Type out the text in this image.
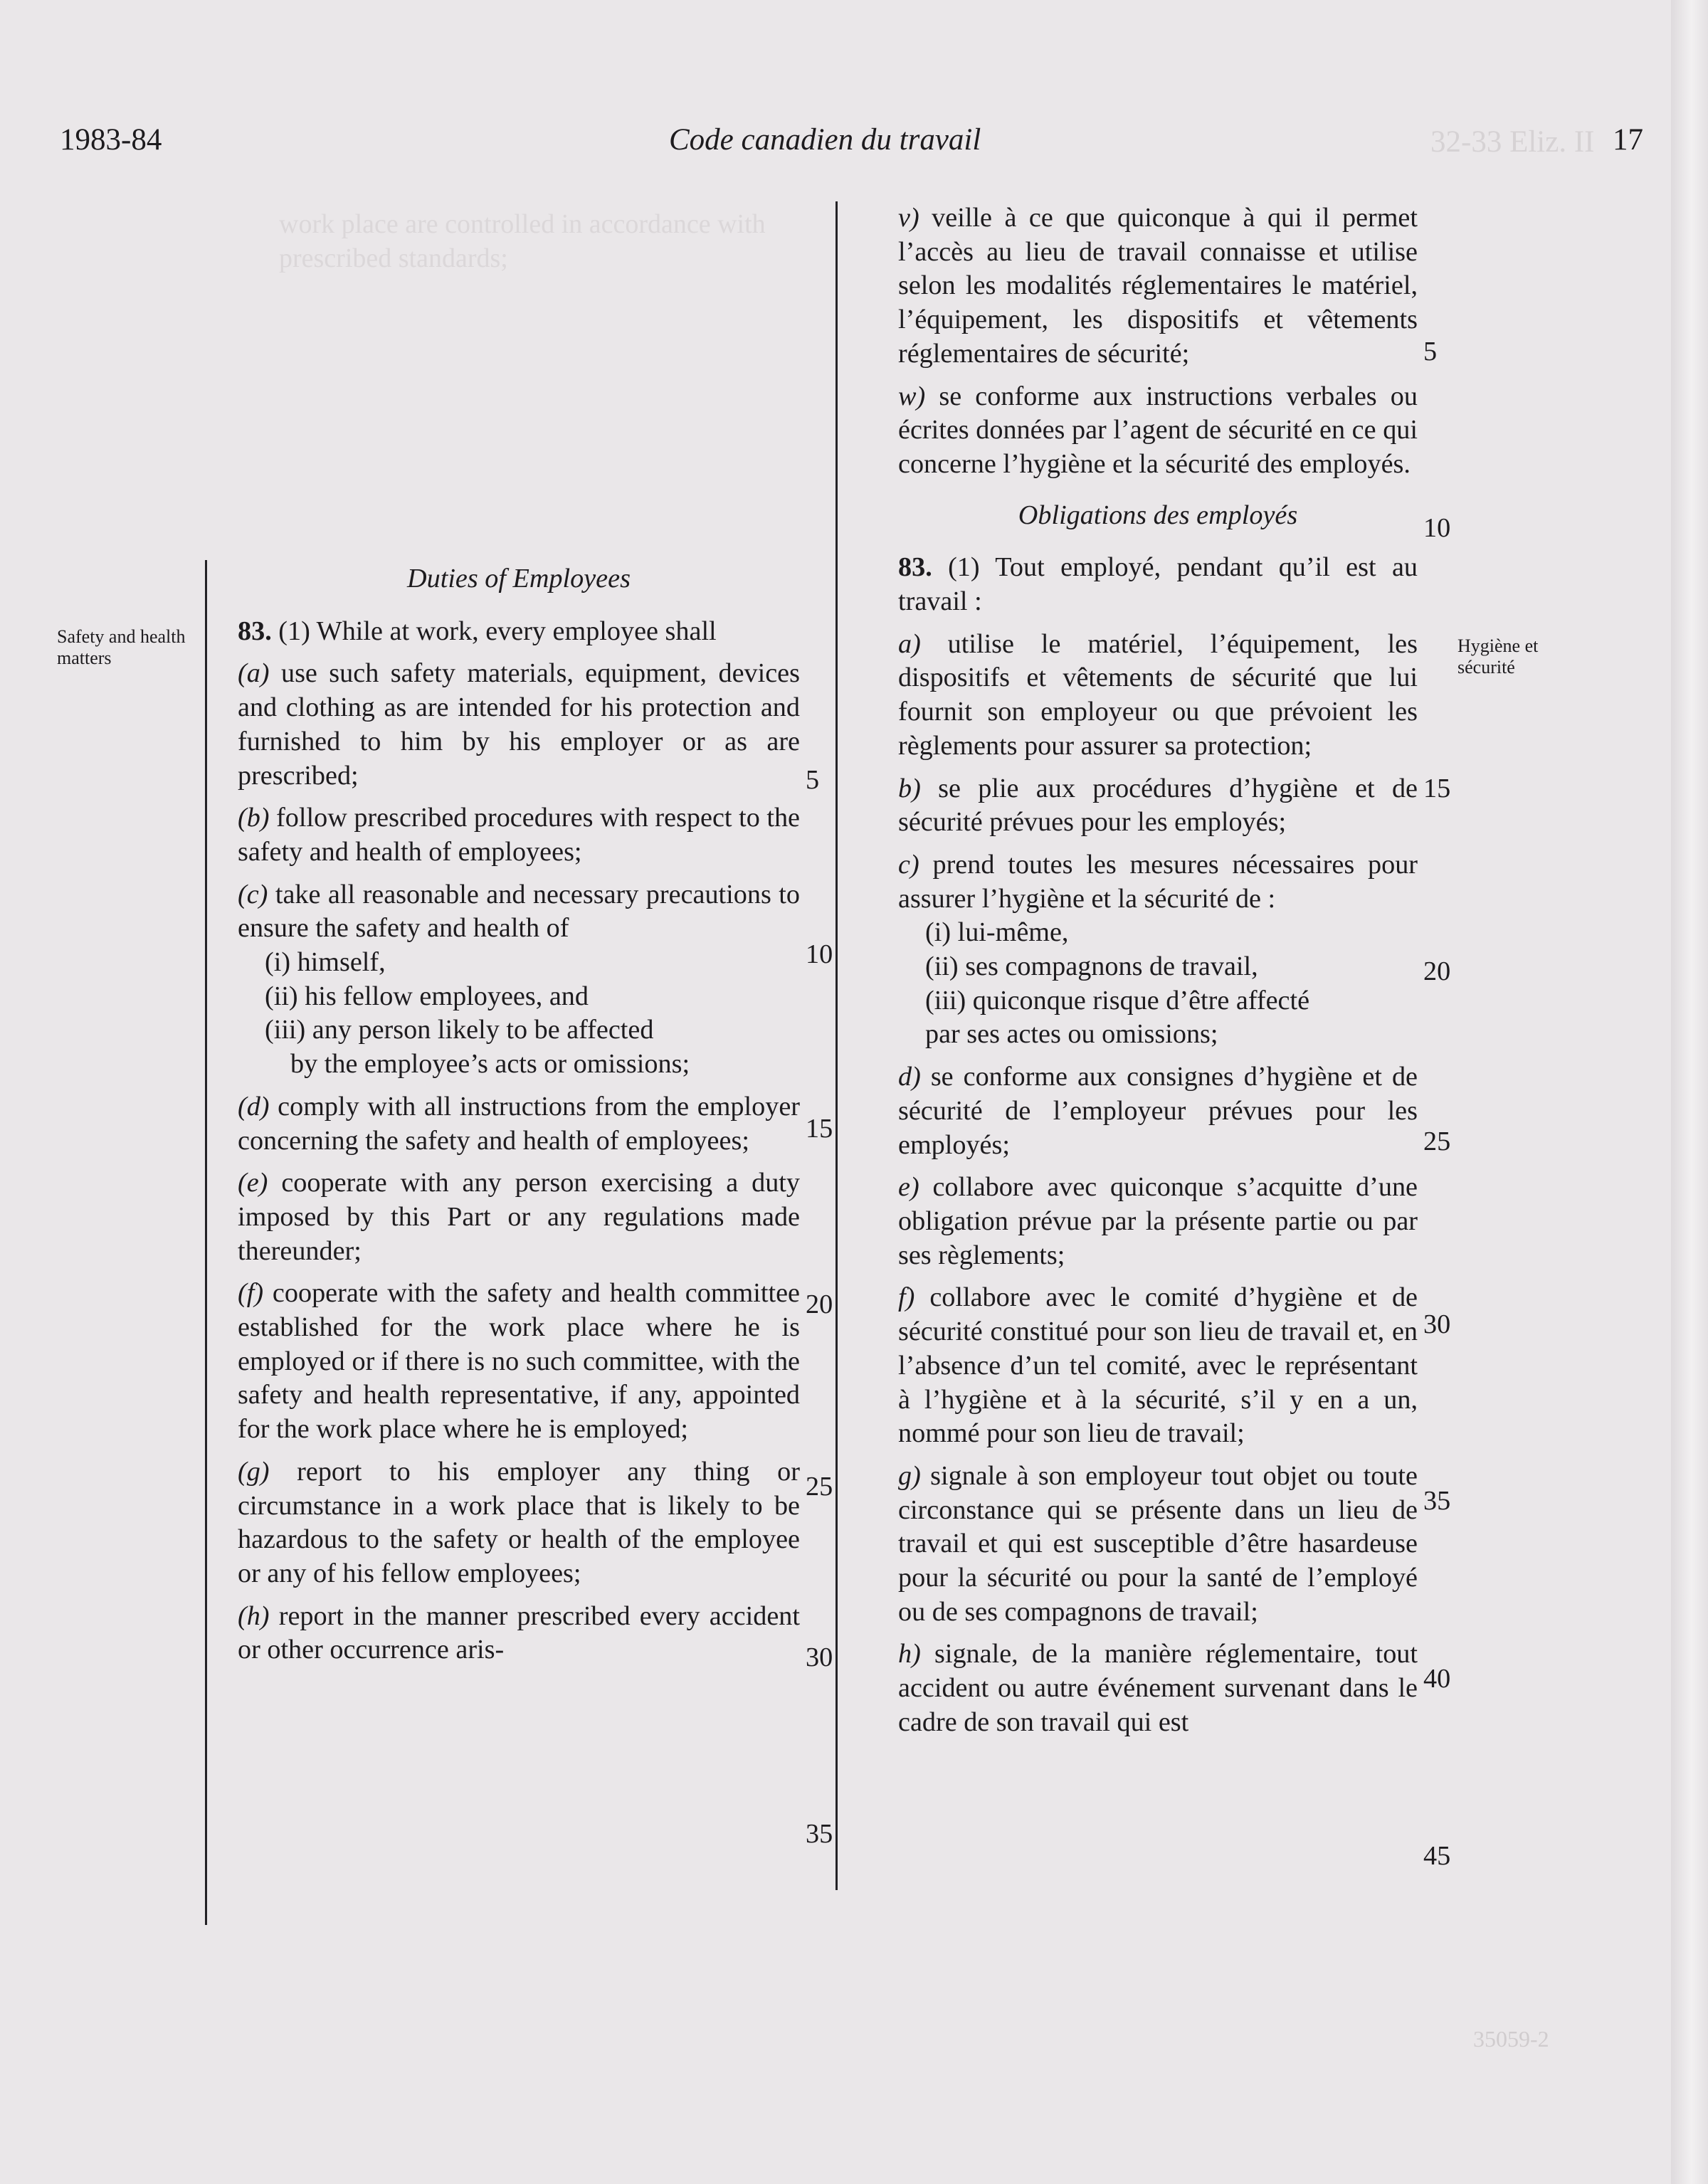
32-33 Eliz. II
work place are controlled in accordance with prescribed standards;
35059-2
1983-84	Code canadien du travail	17
Safety and health matters
Hygiène et sécurité

Duties of Employees

83. (1) While at work, every employee shall

(a) use such safety materials, equipment, devices and clothing as are intended for his protection and furnished to him by his employer or as are prescribed;

(b) follow prescribed procedures with respect to the safety and health of employees;

(c) take all reasonable and necessary precautions to ensure the safety and health of

(i) himself,
(ii) his fellow employees, and
(iii) any person likely to be affected
by the employee’s acts or omissions;

(d) comply with all instructions from the employer concerning the safety and health of employees;

(e) cooperate with any person exercising a duty imposed by this Part or any regulations made thereunder;

(f) cooperate with the safety and health committee established for the work place where he is employed or if there is no such committee, with the safety and health representative, if any, appointed for the work place where he is employed;

(g) report to his employer any thing or circumstance in a work place that is likely to be hazardous to the safety or health of the employee or any of his fellow employees;

(h) report in the manner prescribed every accident or other occurrence aris-

5
10
15
20
25
30
35

v) veille à ce que quiconque à qui il permet l’accès au lieu de travail connaisse et utilise selon les modalités réglementaires le matériel, l’équipement, les dispositifs et vêtements réglementaires de sécurité;

w) se conforme aux instructions verbales ou écrites données par l’agent de sécurité en ce qui concerne l’hygiène et la sécurité des employés.

Obligations des employés

83. (1) Tout employé, pendant qu’il est au travail :

a) utilise le matériel, l’équipement, les dispositifs et vêtements de sécurité que lui fournit son employeur ou que prévoient les règlements pour assurer sa protection;

b) se plie aux procédures d’hygiène et de sécurité prévues pour les employés;

c) prend toutes les mesures nécessaires pour assurer l’hygiène et la sécurité de :

(i) lui-même,
(ii) ses compagnons de travail,
(iii) quiconque risque d’être affecté
par ses actes ou omissions;

d) se conforme aux consignes d’hygiène et de sécurité de l’employeur prévues pour les employés;

e) collabore avec quiconque s’acquitte d’une obligation prévue par la présente partie ou par ses règlements;

f) collabore avec le comité d’hygiène et de sécurité constitué pour son lieu de travail et, en l’absence d’un tel comité, avec le représentant à l’hygiène et à la sécurité, s’il y en a un, nommé pour son lieu de travail;

g) signale à son employeur tout objet ou toute circonstance qui se présente dans un lieu de travail et qui est susceptible d’être hasardeuse pour la sécurité ou pour la santé de l’employé ou de ses compagnons de travail;

h) signale, de la manière réglementaire, tout accident ou autre événement survenant dans le cadre de son travail qui est

5
10
15
20
25
30
35
40
45
